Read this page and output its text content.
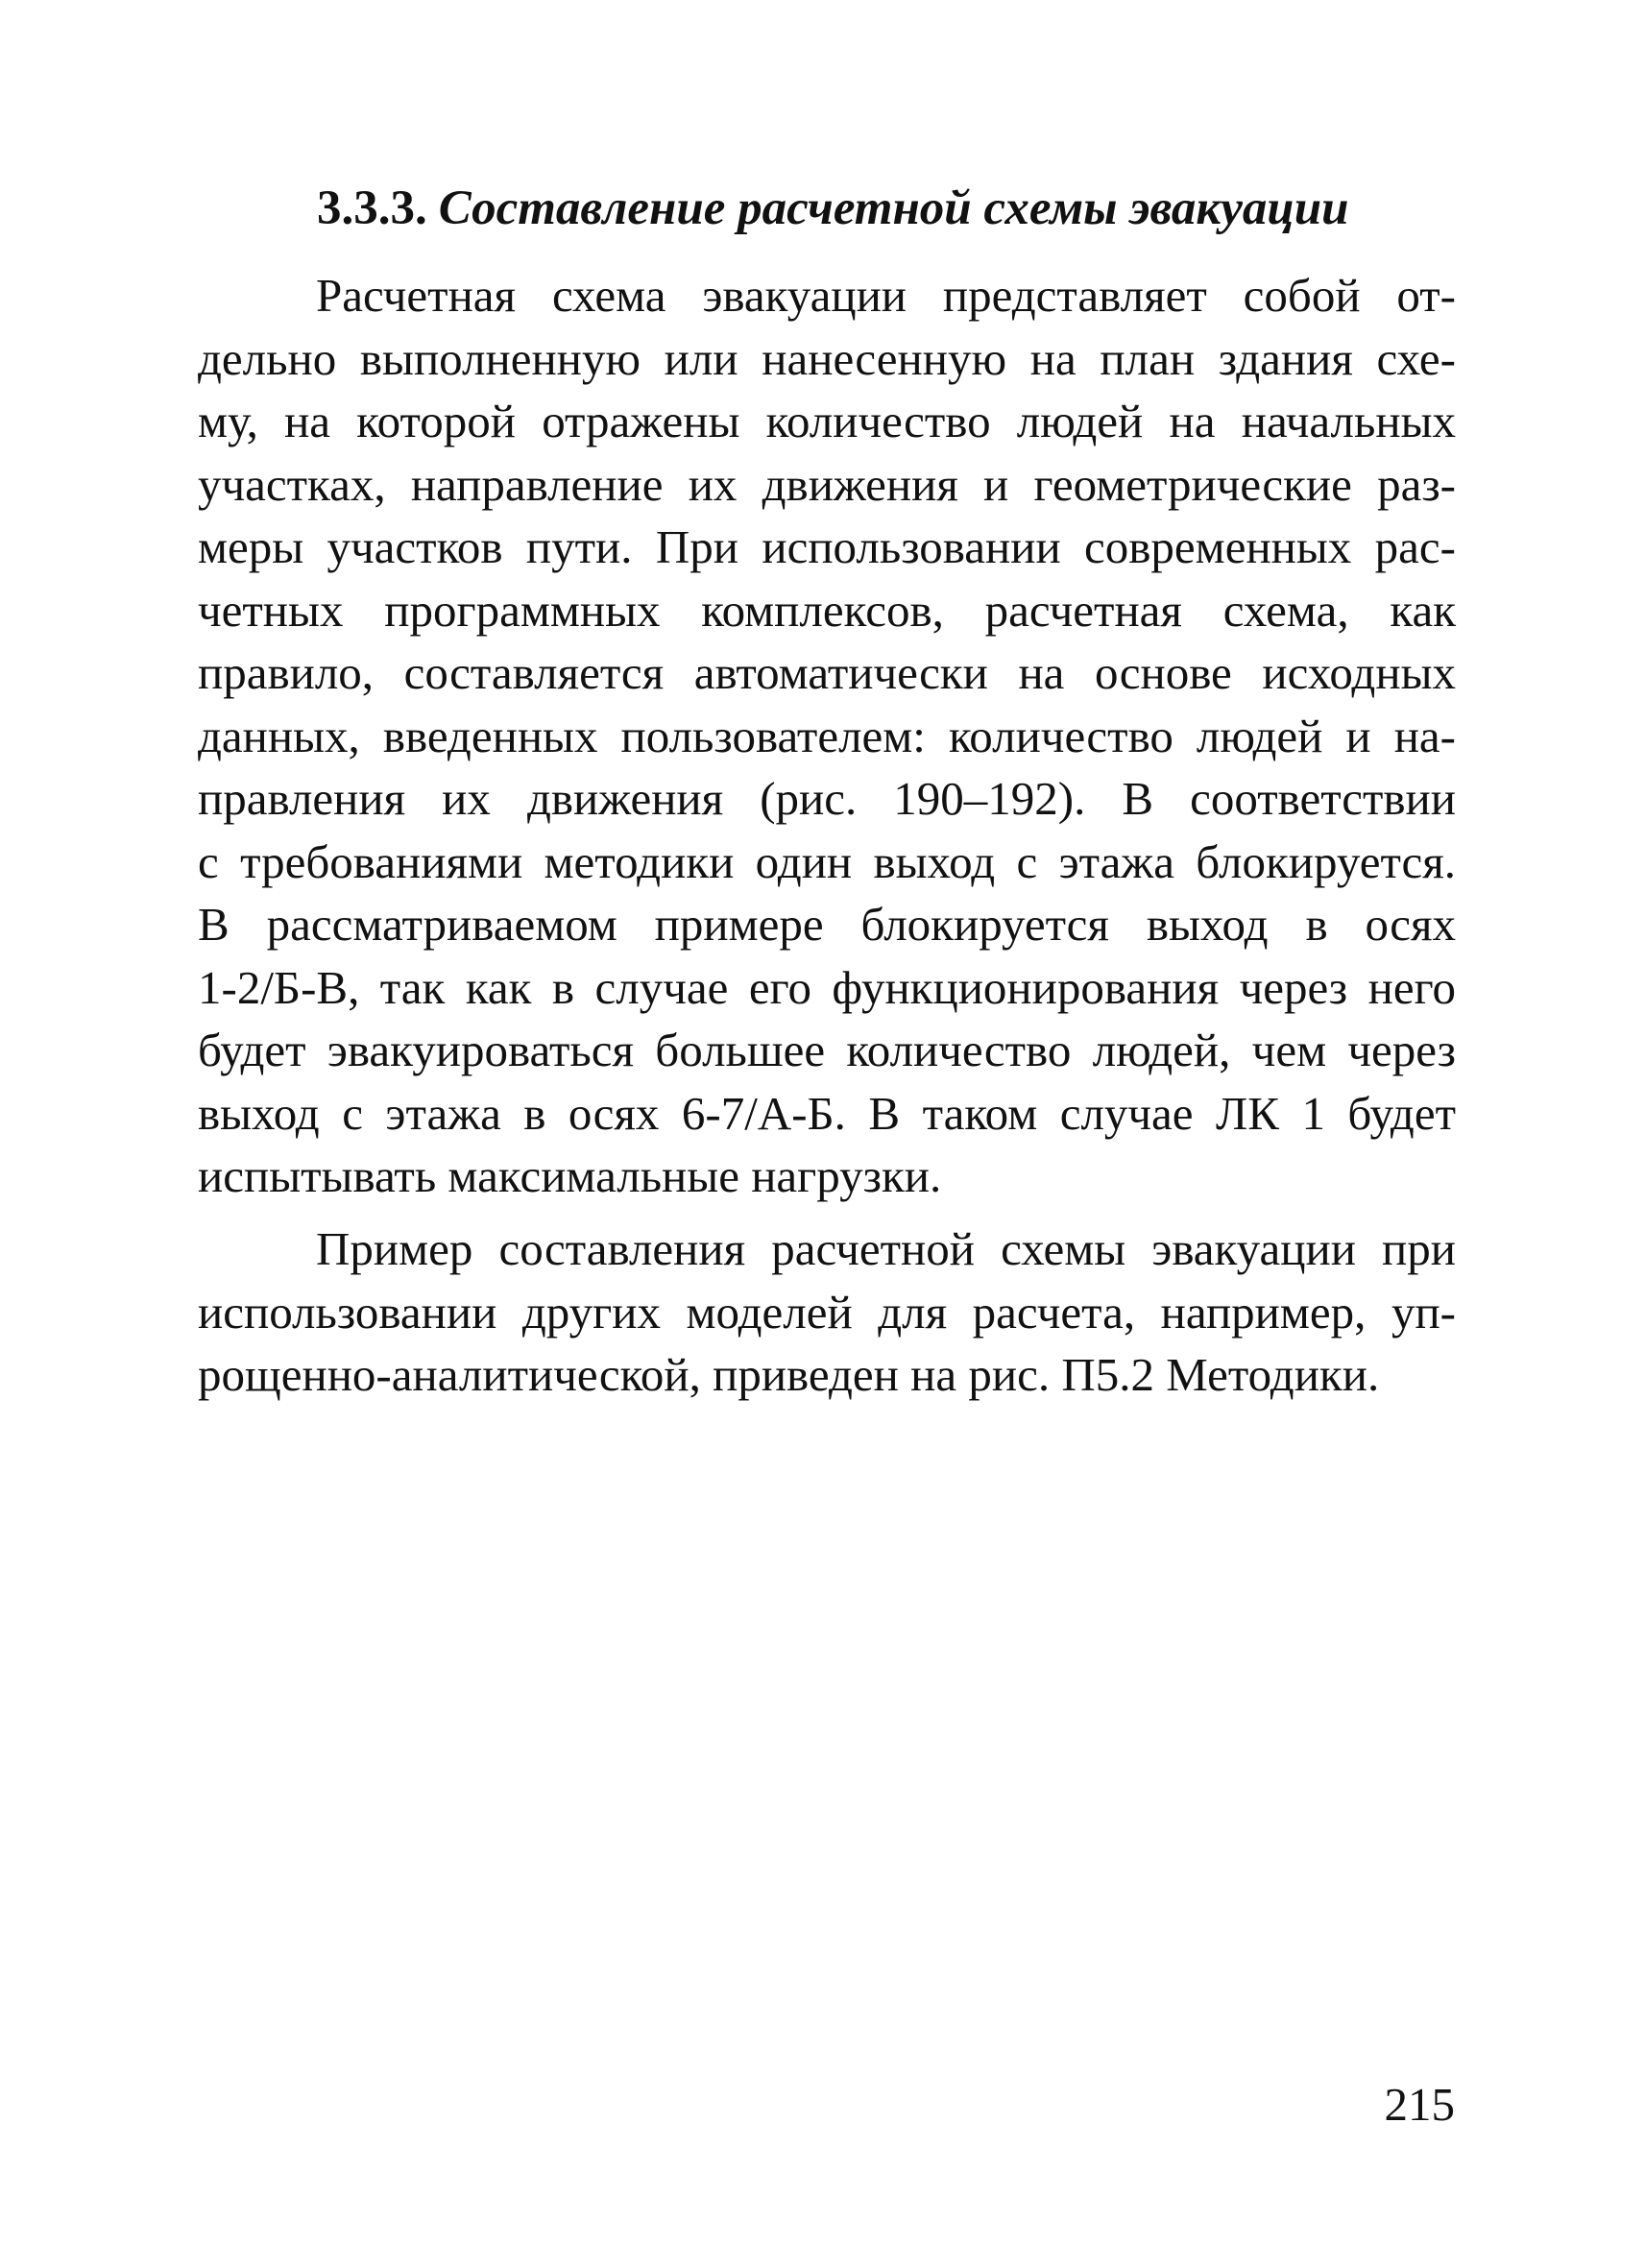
3.3.3. Составление расчетной схемы эвакуации
Расчетная схема эвакуации представляет собой от-
дельно выполненную или нанесенную на план здания схе-
му, на которой отражены количество людей на начальных
участках, направление их движения и геометрические раз-
меры участков пути. При использовании современных рас-
четных программных комплексов, расчетная схема, как
правило, составляется автоматически на основе исходных
данных, введенных пользователем: количество людей и на-
правления их движения (рис. 190–192). В соответствии
с требованиями методики один выход с этажа блокируется.
В рассматриваемом примере блокируется выход в осях
1-2/Б-В, так как в случае его функционирования через него
будет эвакуироваться большее количество людей, чем через
выход с этажа в осях 6-7/А-Б. В таком случае ЛК 1 будет
испытывать максимальные нагрузки.
Пример составления расчетной схемы эвакуации при
использовании других моделей для расчета, например, уп-
рощенно-аналитической, приведен на рис. П5.2 Методики.
215
